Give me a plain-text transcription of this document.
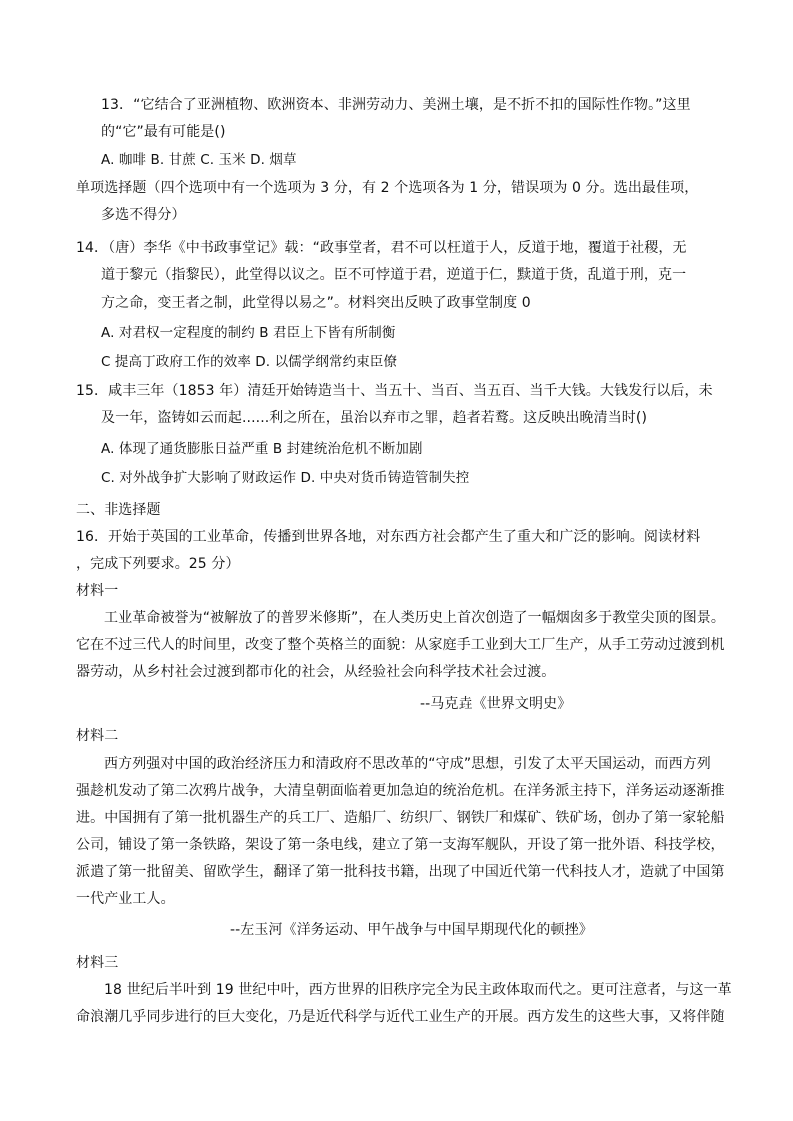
13．“它结合了亚洲植物、欧洲资本、非洲劳动力、美洲土壤，是不折不扣的国际性作物。”这里
的“它”最有可能是()
A. 咖啡 B. 甘蔗 C. 玉米 D. 烟草
单项选择题（四个选项中有一个选项为 3 分，有 2 个选项各为 1 分，错误项为 0 分。选出最佳项，
多选不得分）
14．（唐）李华《中书政事堂记》载：“政事堂者，君不可以枉道于人，反道于地，覆道于社稷，无
道于黎元（指黎民），此堂得以议之。臣不可悖道于君，逆道于仁，黩道于货，乱道于刑，克一
方之命，变王者之制，此堂得以易之”。材料突出反映了政事堂制度 0
A. 对君权一定程度的制约 B 君臣上下皆有所制衡
C 提高丁政府工作的效率 D. 以儒学纲常约束臣僚
15．咸丰三年（1853 年）清廷开始铸造当十、当五十、当百、当五百、当千大钱。大钱发行以后，未
及一年，盗铸如云而起......利之所在，虽治以弃市之罪，趋者若鹜。这反映出晚清当时()
A. 体现了通货膨胀日益严重 B 封建统治危机不断加剧
C. 对外战争扩大影响了财政运作 D. 中央对货币铸造管制失控
二、非选择题
16．开始于英国的工业革命，传播到世界各地，对东西方社会都产生了重大和广泛的影响。阅读材料
，完成下列要求。25 分）
材料一
工业革命被誉为“被解放了的普罗米修斯”，在人类历史上首次创造了一幅烟囱多于教堂尖顶的图景。
它在不过三代人的时间里，改变了整个英格兰的面貌：从家庭手工业到大工厂生产，从手工劳动过渡到机
器劳动，从乡村社会过渡到都市化的社会，从经验社会向科学技术社会过渡。
--马克垚《世界文明史》
材料二
西方列强对中国的政治经济压力和清政府不思改革的“守成”思想，引发了太平天国运动，而西方列
强趁机发动了第二次鸦片战争，大清皇朝面临着更加急迫的统治危机。在洋务派主持下，洋务运动逐渐推
进。中国拥有了第一批机器生产的兵工厂、造船厂、纺织厂、钢铁厂和煤矿、铁矿场，创办了第一家轮船
公司，铺设了第一条铁路，架设了第一条电线，建立了第一支海军舰队，开设了第一批外语、科技学校，
派遣了第一批留美、留欧学生，翻译了第一批科技书籍，出现了中国近代第一代科技人才，造就了中国第
一代产业工人。
--左玉河《洋务运动、甲午战争与中国早期现代化的顿挫》
材料三
18 世纪后半叶到 19 世纪中叶，西方世界的旧秩序完全为民主政体取而代之。更可注意者，与这一革
命浪潮几乎同步进行的巨大变化，乃是近代科学与近代工业生产的开展。西方发生的这些大事，又将伴随
